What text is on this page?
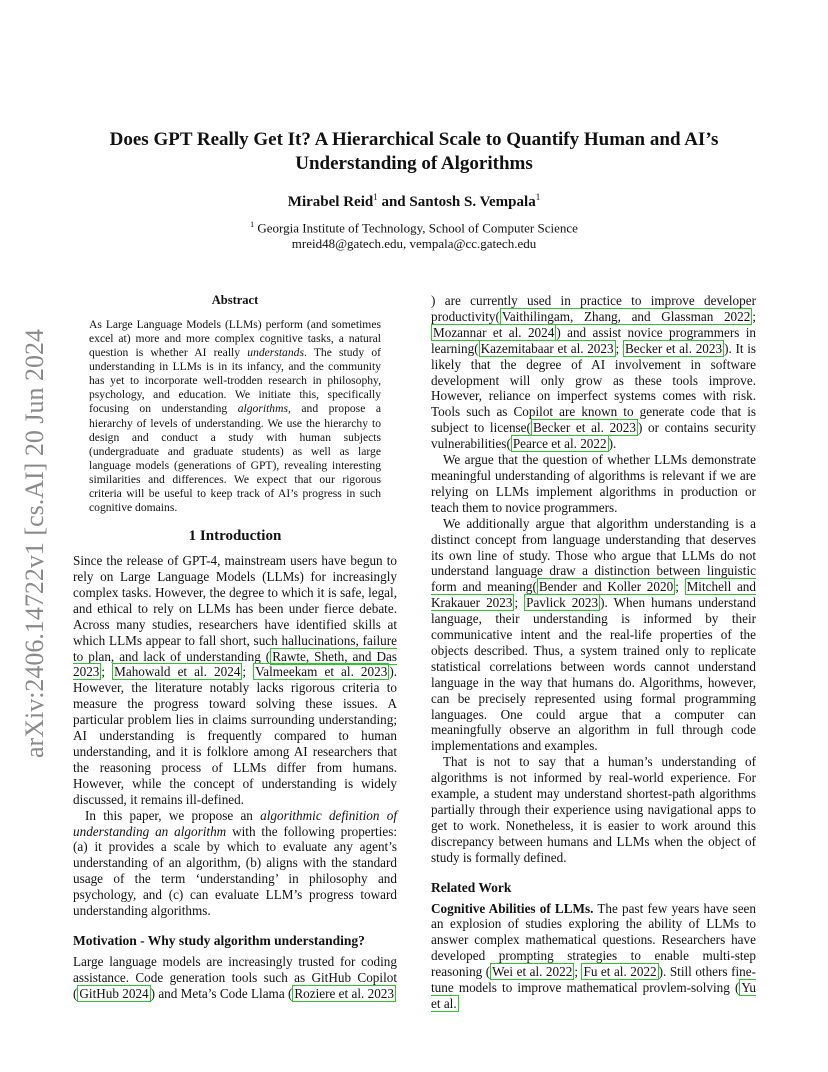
arXiv:2406.14722v1 [cs.AI] 20 Jun 2024
Does GPT Really Get It? A Hierarchical Scale to Quantify Human and AI’s
Understanding of Algorithms
Mirabel Reid$^1$ and Santosh S. Vempala$^1$
$^1$ Georgia Institute of Technology, School of Computer Science
mreid48@gatech.edu, vempala@cc.gatech.edu
Abstract

As Large Language Models (LLMs) perform (and sometimes excel at) more and more complex cognitive tasks, a natural question is whether AI really understands. The study of understanding in LLMs is in its infancy, and the community has yet to incorporate well-trodden research in philosophy, psychology, and education. We initiate this, specifically focusing on understanding algorithms, and propose a hierarchy of levels of understanding. We use the hierarchy to design and conduct a study with human subjects (undergraduate and graduate students) as well as large language models (generations of GPT), revealing interesting similarities and differences. We expect that our rigorous criteria will be useful to keep track of AI’s progress in such cognitive domains.

1 Introduction

Since the release of GPT-4, mainstream users have begun to rely on Large Language Models (LLMs) for increasingly complex tasks. However, the degree to which it is safe, legal, and ethical to rely on LLMs has been under fierce debate. Across many studies, researchers have identified skills at which LLMs appear to fall short, such hallucinations, failure to plan, and lack of understanding ( Rawte, Sheth, and Das 2023 ; Mahowald et al. 2024 ; Valmeekam et al. 2023 ). However, the literature notably lacks rigorous criteria to measure the progress toward solving these issues. A particular problem lies in claims surrounding understanding; AI understanding is frequently compared to human understanding, and it is folklore among AI researchers that the reasoning process of LLMs differ from humans. However, while the concept of understanding is widely discussed, it remains ill-defined.

In this paper, we propose an algorithmic definition of understanding an algorithm with the following properties: (a) it provides a scale by which to evaluate any agent’s understanding of an algorithm, (b) aligns with the standard usage of the term ‘understanding’ in philosophy and psychology, and (c) can evaluate LLM’s progress toward understanding algorithms.

Motivation - Why study algorithm understanding?

Large language models are increasingly trusted for coding assistance. Code generation tools such as GitHub Copilot ( GitHub 2024 ) and Meta’s Code Llama ( Roziere et al. 2023

) are currently used in practice to improve developer productivity( Vaithilingam, Zhang, and Glassman 2022 ; Mozannar et al. 2024 ) and assist novice programmers in learning( Kazemitabaar et al. 2023 ; Becker et al. 2023 ). It is likely that the degree of AI involvement in software development will only grow as these tools improve. However, reliance on imperfect systems comes with risk. Tools such as Copilot are known to generate code that is subject to license( Becker et al. 2023 ) or contains security vulnerabilities( Pearce et al. 2022 ).

We argue that the question of whether LLMs demonstrate meaningful understanding of algorithms is relevant if we are relying on LLMs implement algorithms in production or teach them to novice programmers.

We additionally argue that algorithm understanding is a distinct concept from language understanding that deserves its own line of study. Those who argue that LLMs do not understand language draw a distinction between linguistic form and meaning( Bender and Koller 2020 ; Mitchell and Krakauer 2023 ; Pavlick 2023 ). When humans understand language, their understanding is informed by their communicative intent and the real-life properties of the objects described. Thus, a system trained only to replicate statistical correlations between words cannot understand language in the way that humans do. Algorithms, however, can be precisely represented using formal programming languages. One could argue that a computer can meaningfully observe an algorithm in full through code implementations and examples.

That is not to say that a human’s understanding of algorithms is not informed by real-world experience. For example, a student may understand shortest-path algorithms partially through their experience using navigational apps to get to work. Nonetheless, it is easier to work around this discrepancy between humans and LLMs when the object of study is formally defined.

Related Work

Cognitive Abilities of LLMs. The past few years have seen an explosion of studies exploring the ability of LLMs to answer complex mathematical questions. Researchers have developed prompting strategies to enable multi-step reasoning ( Wei et al. 2022 ; Fu et al. 2022 ). Still others fine-tune models to improve mathematical provlem-solving ( Yu et al.
